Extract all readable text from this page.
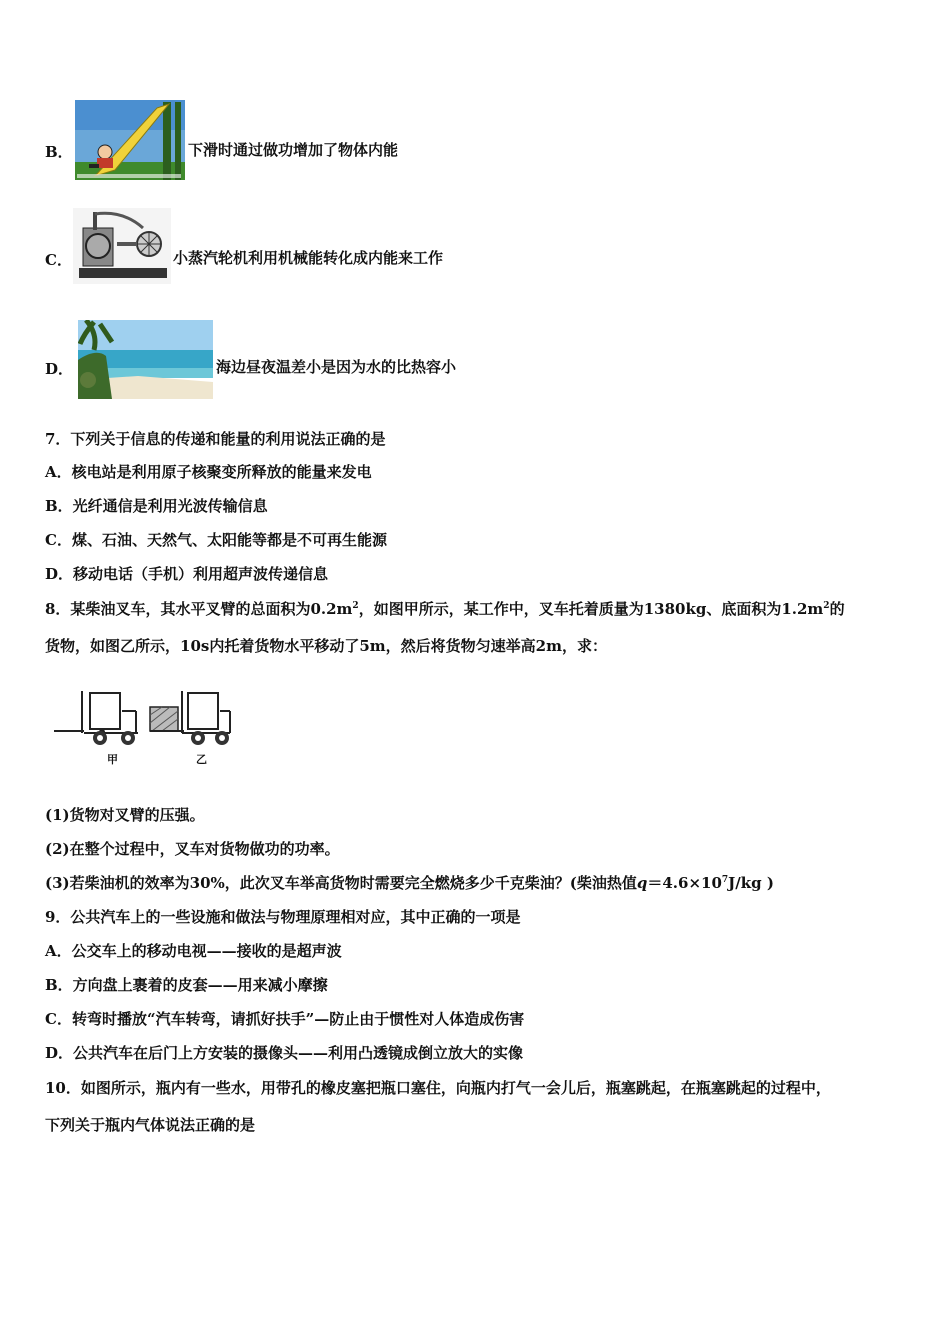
B．	下滑时通过做功增加了物体内能
C．	小蒸汽轮机利用机械能转化成内能来工作
D．	海边昼夜温差小是因为水的比热容小
7．下列关于信息的传递和能量的利用说法正确的是
A．核电站是利用原子核聚变所释放的能量来发电
B．光纤通信是利用光波传输信息
C．煤、石油、天然气、太阳能等都是不可再生能源
D．移动电话（手机）利用超声波传递信息
8．某柴油叉车，其水平叉臂的总面积为$0.2m^2$，如图甲所示，某工作中，叉车托着质量为1380kg、底面积为$1.2m^2$的
货物，如图乙所示，10s内托着货物水平移动了5m，然后将货物匀速举高2m，求：
甲	乙
(1)货物对叉臂的压强。
(2)在整个过程中，叉车对货物做功的功率。
(3)若柴油机的效率为30%，此次叉车举高货物时需要完全燃烧多少千克柴油？(柴油热值$q=4.6\times 10^7J/kg$ )
9．公共汽车上的一些设施和做法与物理原理相对应，其中正确的一项是
A．公交车上的移动电视——接收的是超声波
B．方向盘上裹着的皮套——用来减小摩擦
C．转弯时播放“汽车转弯，请抓好扶手”—防止由于惯性对人体造成伤害
D．公共汽车在后门上方安装的摄像头——利用凸透镜成倒立放大的实像
10．如图所示，瓶内有一些水，用带孔的橡皮塞把瓶口塞住，向瓶内打气一会儿后，瓶塞跳起，在瓶塞跳起的过程中，
下列关于瓶内气体说法正确的是
